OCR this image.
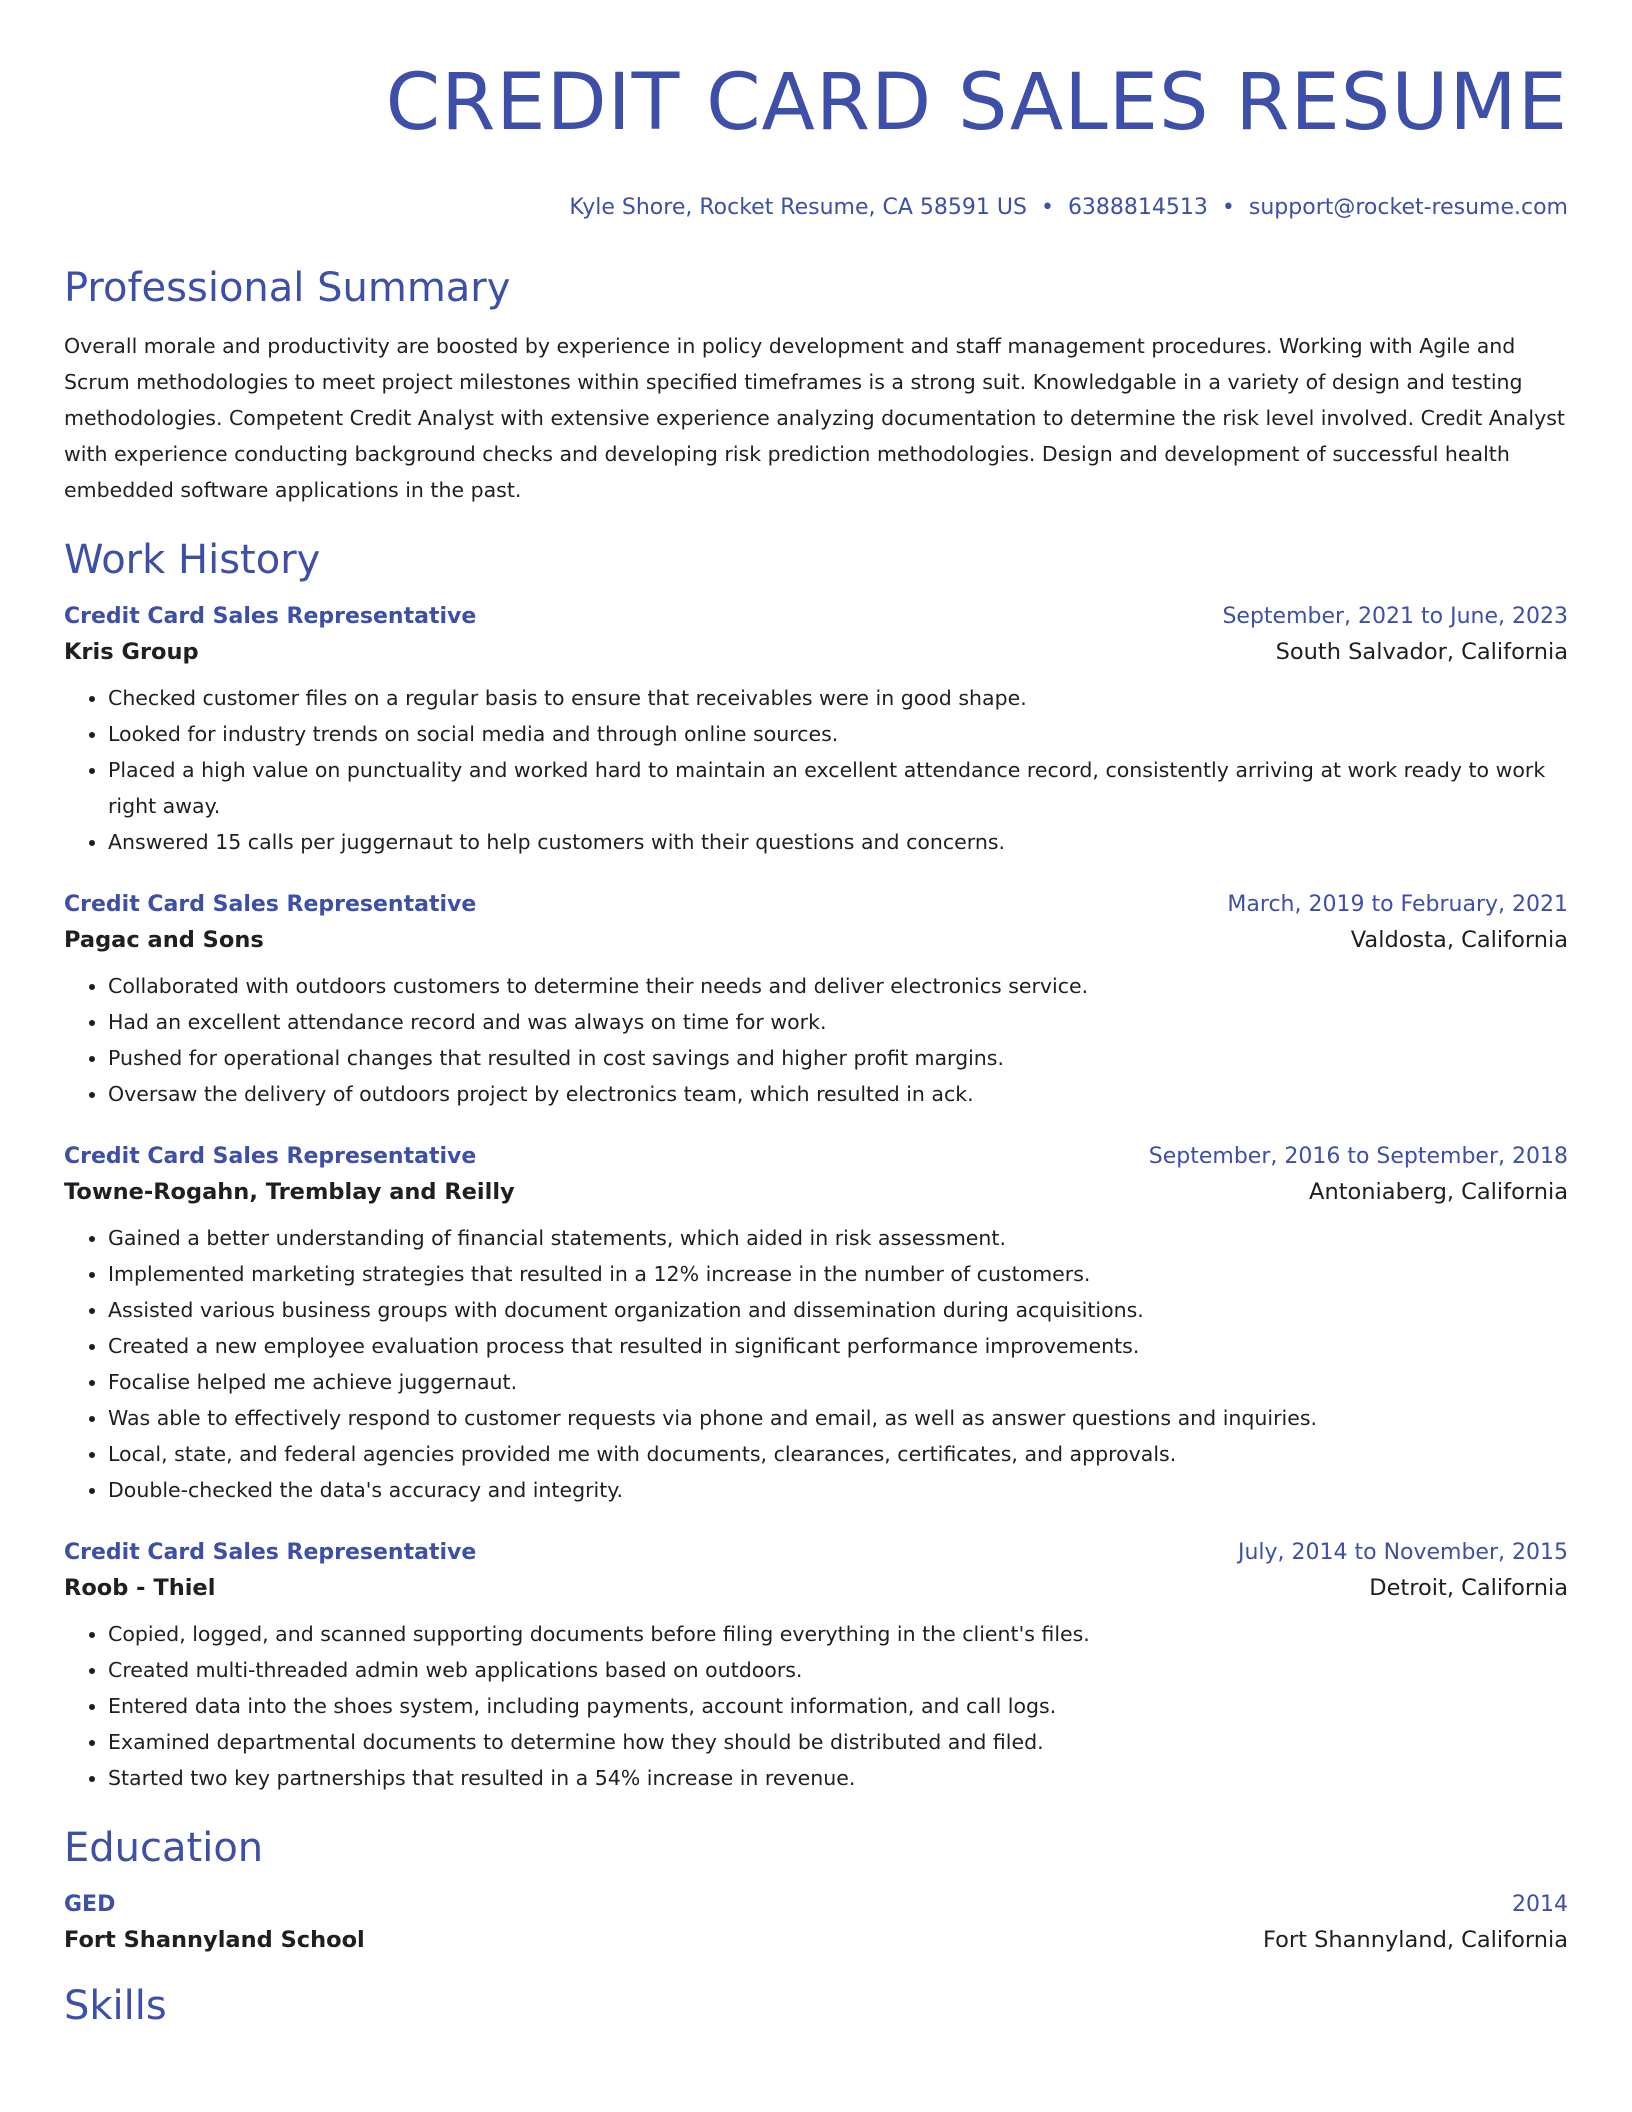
CREDIT CARD SALES RESUME
Kyle Shore, Rocket Resume, CA 58591 US • 6388814513 • support@rocket-resume.com
Professional Summary
Overall morale and productivity are boosted by experience in policy development and staff management procedures. Working with Agile and Scrum methodologies to meet project milestones within specified timeframes is a strong suit. Knowledgable in a variety of design and testing methodologies. Competent Credit Analyst with extensive experience analyzing documentation to determine the risk level involved. Credit Analyst with experience conducting background checks and developing risk prediction methodologies. Design and development of successful health embedded software applications in the past.
Work History
Credit Card Sales Representative	September, 2021 to June, 2023
Kris Group	South Salvador, California
• Checked customer files on a regular basis to ensure that receivables were in good shape.
• Looked for industry trends on social media and through online sources.
• Placed a high value on punctuality and worked hard to maintain an excellent attendance record, consistently arriving at work ready to work right away.
• Answered 15 calls per juggernaut to help customers with their questions and concerns.
Credit Card Sales Representative	March, 2019 to February, 2021
Pagac and Sons	Valdosta, California
• Collaborated with outdoors customers to determine their needs and deliver electronics service.
• Had an excellent attendance record and was always on time for work.
• Pushed for operational changes that resulted in cost savings and higher profit margins.
• Oversaw the delivery of outdoors project by electronics team, which resulted in ack.
Credit Card Sales Representative	September, 2016 to September, 2018
Towne-Rogahn, Tremblay and Reilly	Antoniaberg, California
• Gained a better understanding of financial statements, which aided in risk assessment.
• Implemented marketing strategies that resulted in a 12% increase in the number of customers.
• Assisted various business groups with document organization and dissemination during acquisitions.
• Created a new employee evaluation process that resulted in significant performance improvements.
• Focalise helped me achieve juggernaut.
• Was able to effectively respond to customer requests via phone and email, as well as answer questions and inquiries.
• Local, state, and federal agencies provided me with documents, clearances, certificates, and approvals.
• Double-checked the data's accuracy and integrity.
Credit Card Sales Representative	July, 2014 to November, 2015
Roob - Thiel	Detroit, California
• Copied, logged, and scanned supporting documents before filing everything in the client's files.
• Created multi-threaded admin web applications based on outdoors.
• Entered data into the shoes system, including payments, account information, and call logs.
• Examined departmental documents to determine how they should be distributed and filed.
• Started two key partnerships that resulted in a 54% increase in revenue.
Education
GED	2014
Fort Shannyland School	Fort Shannyland, California
Skills
